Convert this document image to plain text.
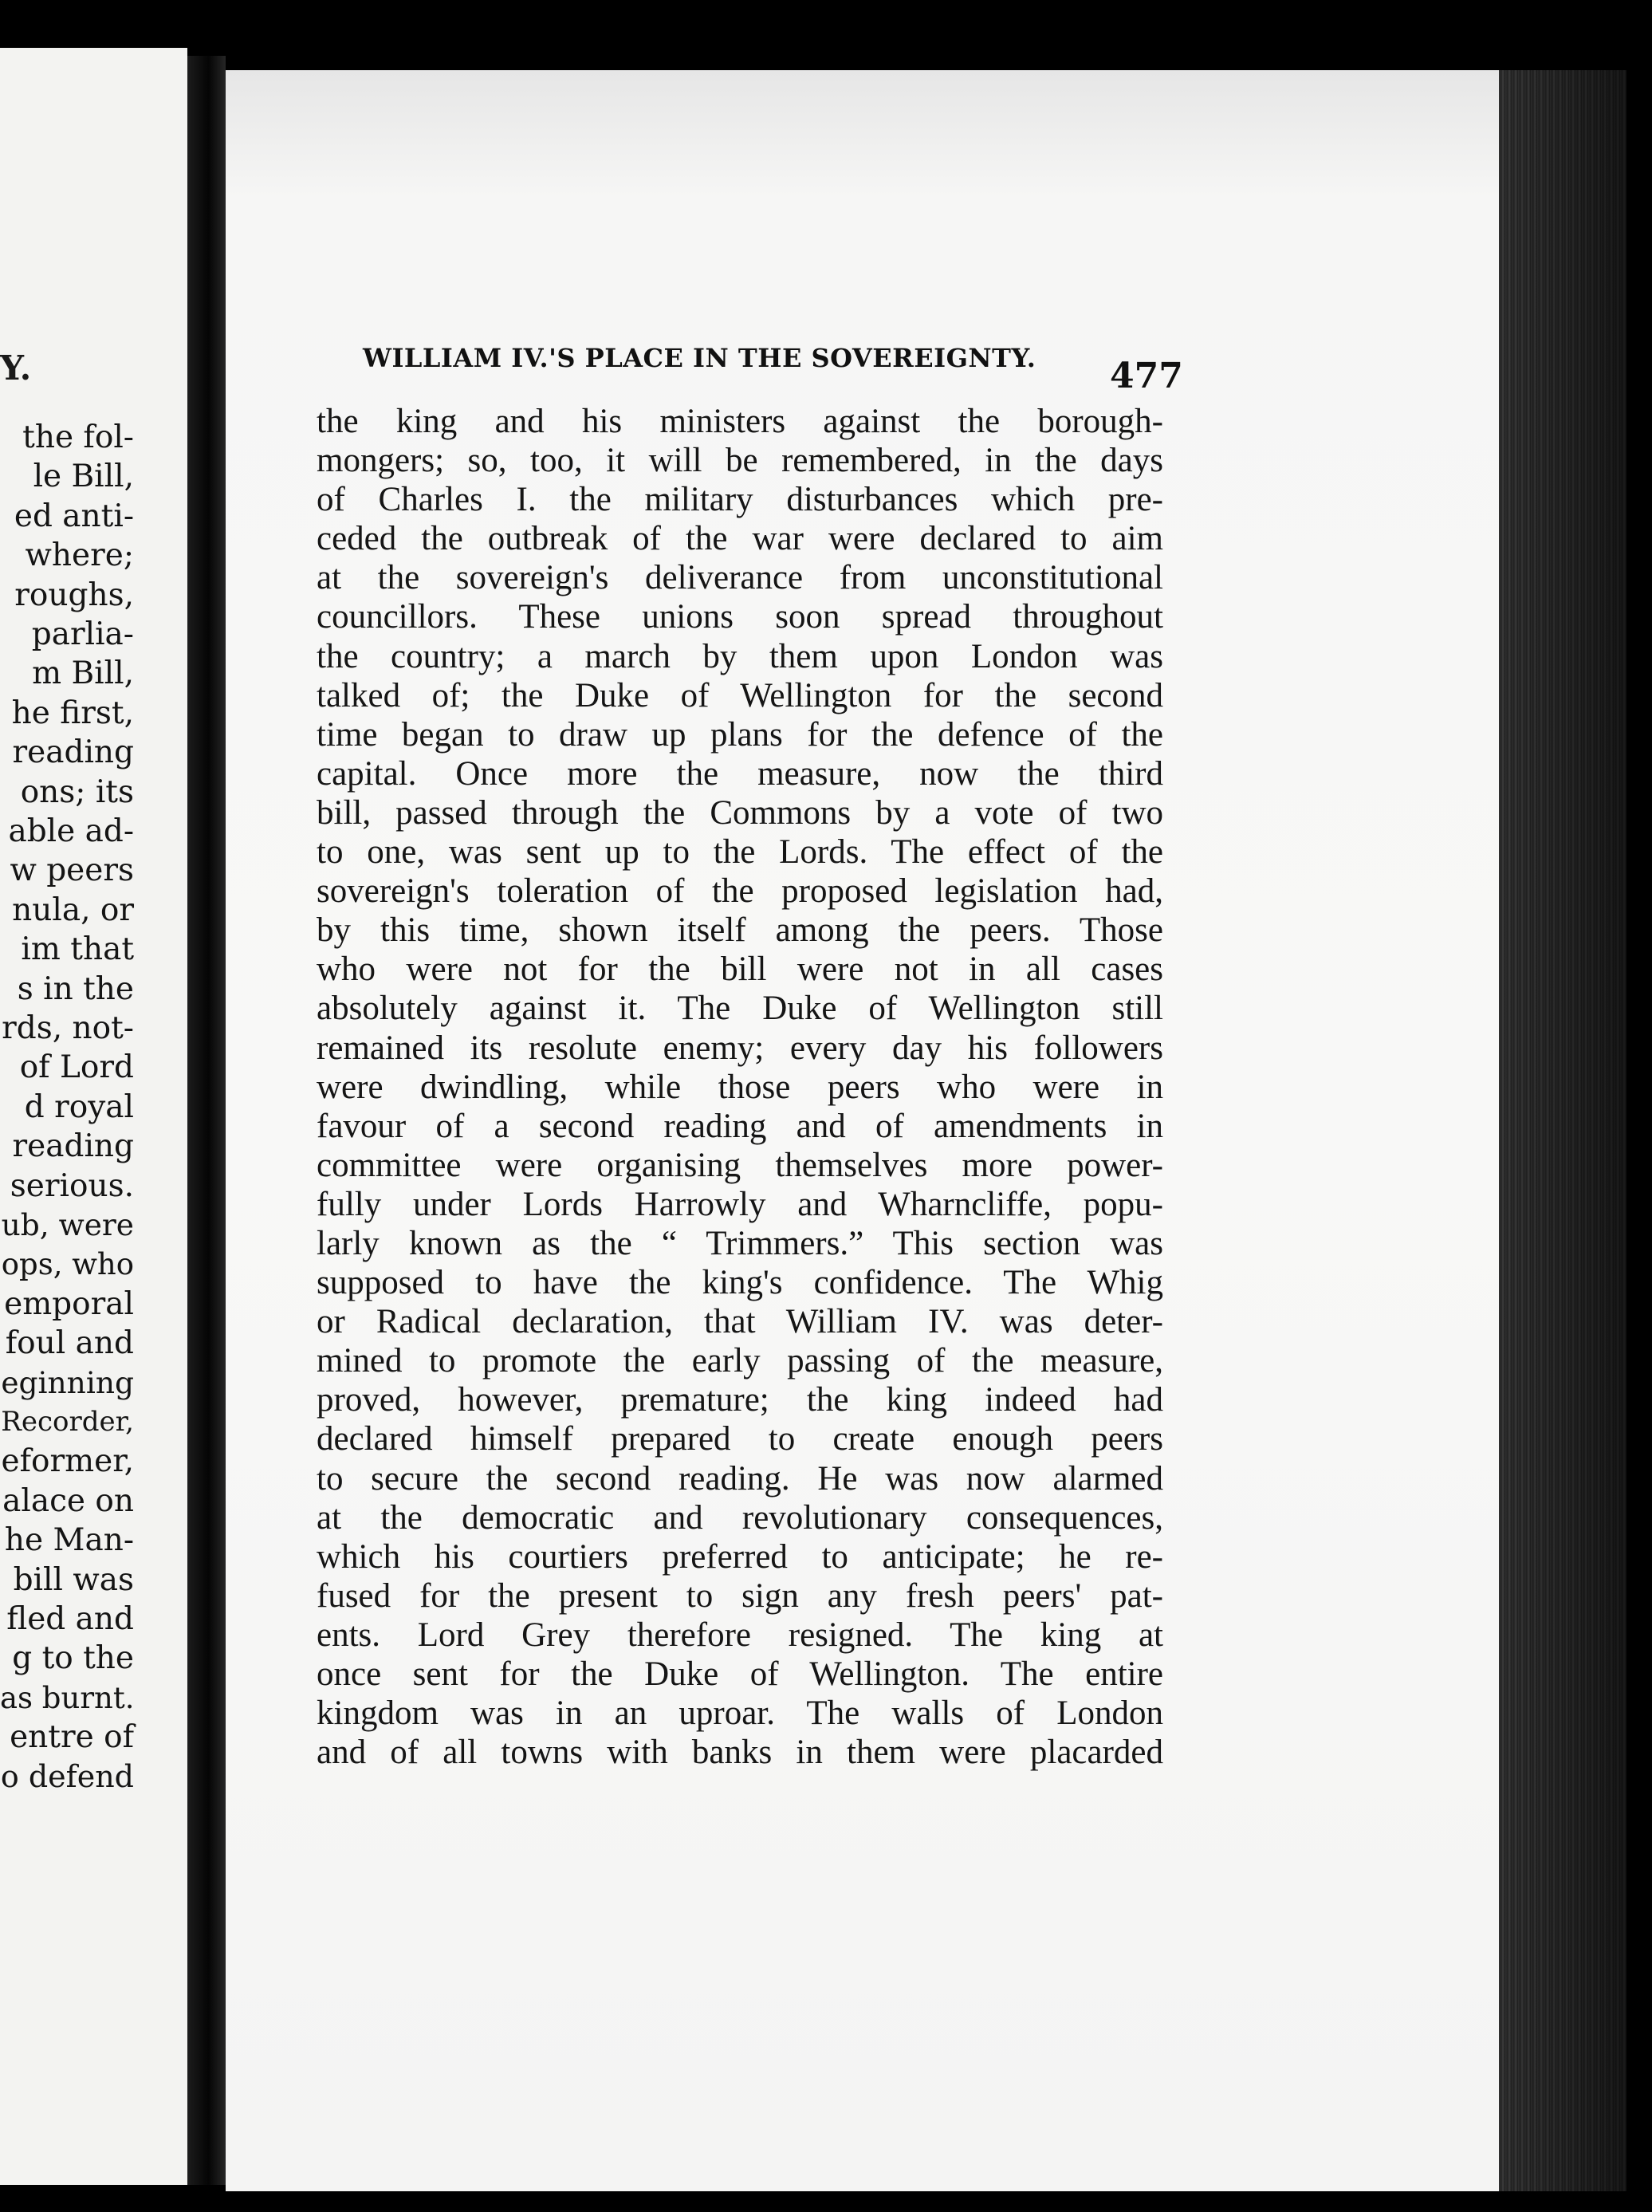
Y.
the fol-
le Bill,
ed anti-
where;
roughs,
parlia-
m Bill,
he first,
reading
ons; its
able ad-
w peers
nula, or
im that
s in the
rds, not-
of Lord
d royal
reading
serious.
ub, were
ops, who
emporal
foul and
eginning
Recorder,
eformer,
alace on
he Man-
bill was
fled and
g to the
as burnt.
entre of
o defend
WILLIAM IV.'S PLACE IN THE SOVEREIGNTY.	477
the king and his ministers against the borough-
mongers; so, too, it will be remembered, in the days
of Charles I. the military disturbances which pre-
ceded the outbreak of the war were declared to aim
at the sovereign's deliverance from unconstitutional
councillors. These unions soon spread throughout
the country; a march by them upon London was
talked of; the Duke of Wellington for the second
time began to draw up plans for the defence of the
capital. Once more the measure, now the third
bill, passed through the Commons by a vote of two
to one, was sent up to the Lords. The effect of the
sovereign's toleration of the proposed legislation had,
by this time, shown itself among the peers. Those
who were not for the bill were not in all cases
absolutely against it. The Duke of Wellington still
remained its resolute enemy; every day his followers
were dwindling, while those peers who were in
favour of a second reading and of amendments in
committee were organising themselves more power-
fully under Lords Harrowly and Wharncliffe, popu-
larly known as the “ Trimmers.” This section was
supposed to have the king's confidence. The Whig
or Radical declaration, that William IV. was deter-
mined to promote the early passing of the measure,
proved, however, premature; the king indeed had
declared himself prepared to create enough peers
to secure the second reading. He was now alarmed
at the democratic and revolutionary consequences,
which his courtiers preferred to anticipate; he re-
fused for the present to sign any fresh peers' pat-
ents. Lord Grey therefore resigned. The king at
once sent for the Duke of Wellington. The entire
kingdom was in an uproar. The walls of London
and of all towns with banks in them were placarded
